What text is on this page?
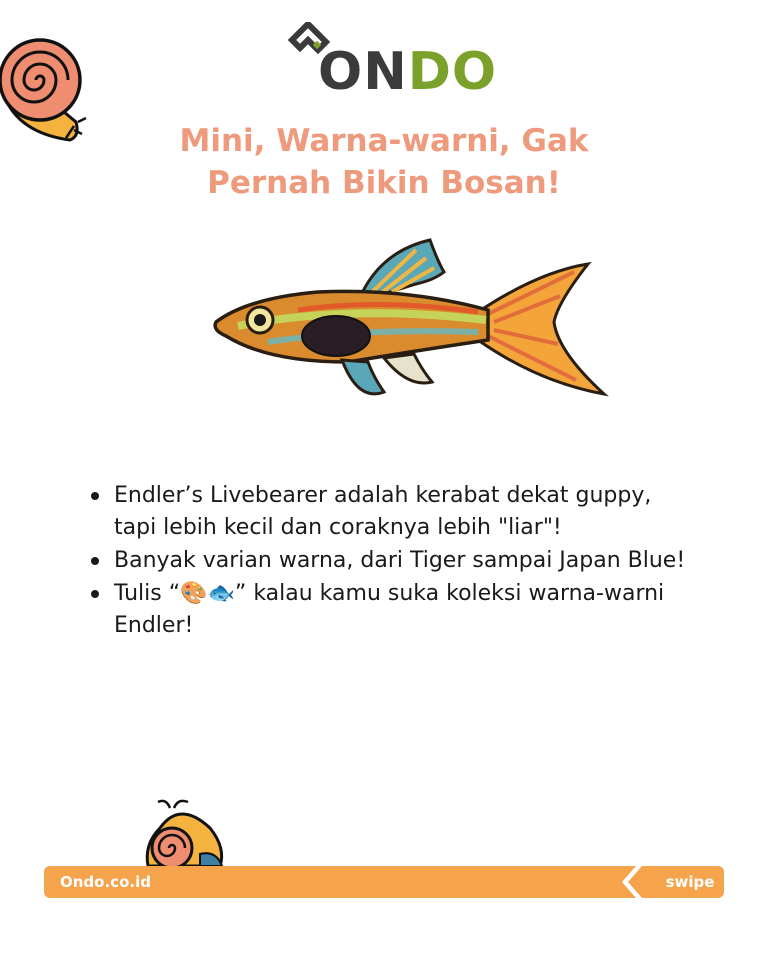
ONDO
Mini, Warna-warni, Gak
Pernah Bikin Bosan!
Endler’s Livebearer adalah kerabat dekat guppy, tapi lebih kecil dan coraknya lebih "liar"!
Banyak varian warna, dari Tiger sampai Japan Blue!
Tulis “🎨🐟” kalau kamu suka koleksi warna-warni Endler!
Ondo.co.id	swipe
